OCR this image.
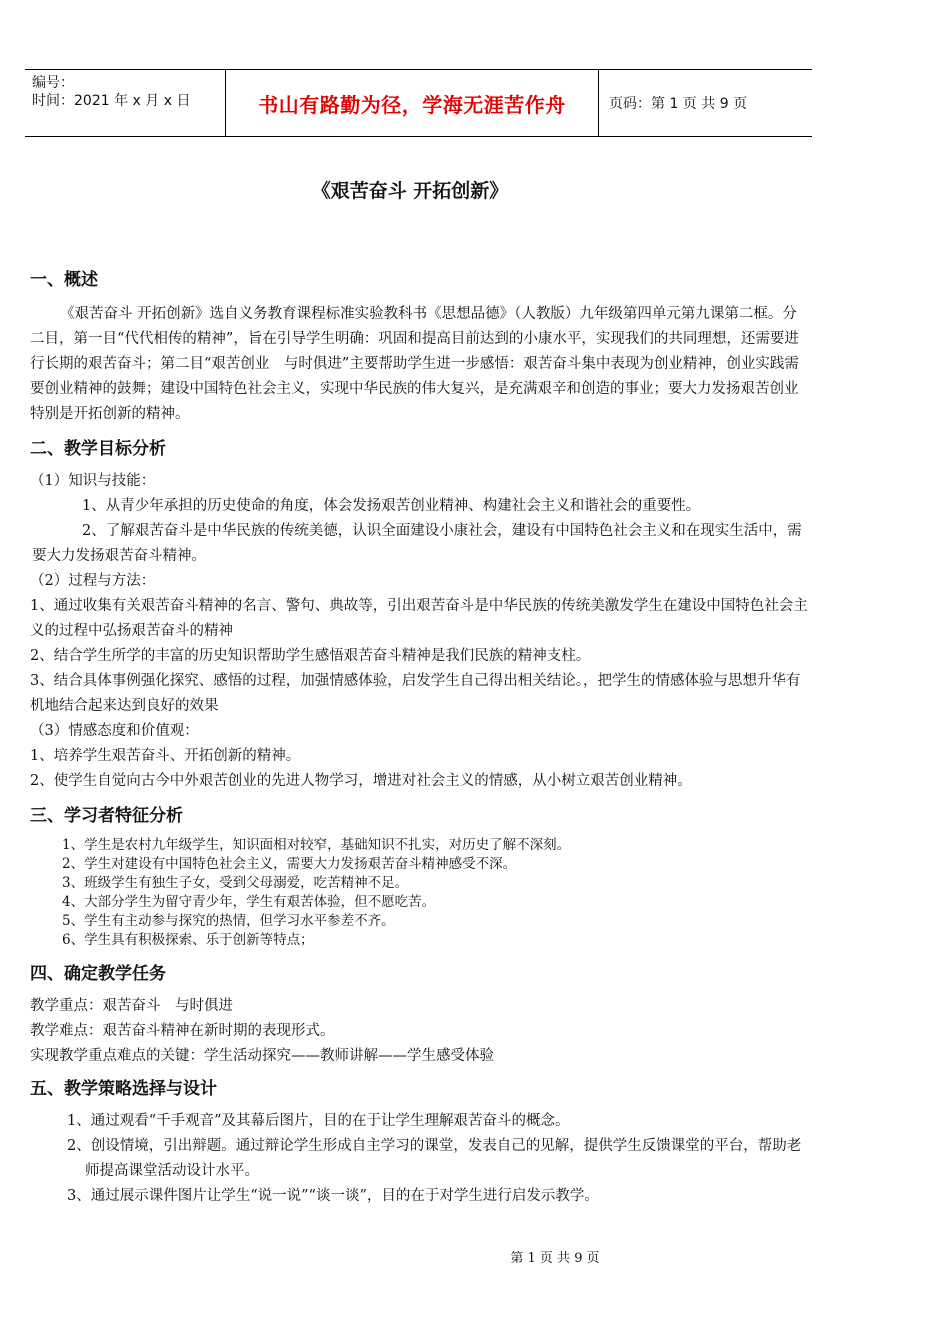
编号：
时间：2021 年 x 月 x 日	书山有路勤为径，学海无涯苦作舟	页码：第 1 页 共 9 页
《艰苦奋斗 开拓创新》
一、概述

《艰苦奋斗 开拓创新》选自义务教育课程标准实验教科书《思想品德》（人教版）九年级第四单元第九课第二框。分二目，第一目“代代相传的精神”，旨在引导学生明确：巩固和提高目前达到的小康水平，实现我们的共同理想，还需要进行长期的艰苦奋斗；第二目“艰苦创业　与时俱进”主要帮助学生进一步感悟：艰苦奋斗集中表现为创业精神，创业实践需要创业精神的鼓舞；建设中国特色社会主义，实现中华民族的伟大复兴，是充满艰辛和创造的事业；要大力发扬艰苦创业特别是开拓创新的精神。

二、教学目标分析

（1）知识与技能：

1、从青少年承担的历史使命的角度，体会发扬艰苦创业精神、构建社会主义和谐社会的重要性。

2、了解艰苦奋斗是中华民族的传统美德，认识全面建设小康社会，建设有中国特色社会主义和在现实生活中，需要大力发扬艰苦奋斗精神。

（2）过程与方法：

1、通过收集有关艰苦奋斗精神的名言、警句、典故等，引出艰苦奋斗是中华民族的传统美激发学生在建设中国特色社会主义的过程中弘扬艰苦奋斗的精神

2、结合学生所学的丰富的历史知识帮助学生感悟艰苦奋斗精神是我们民族的精神支柱。

3、结合具体事例强化探究、感悟的过程，加强情感体验，启发学生自己得出相关结论。，把学生的情感体验与思想升华有机地结合起来达到良好的效果

（3）情感态度和价值观：

1、培养学生艰苦奋斗、开拓创新的精神。

2、使学生自觉向古今中外艰苦创业的先进人物学习，增进对社会主义的情感，从小树立艰苦创业精神。

三、学习者特征分析

1、学生是农村九年级学生，知识面相对较窄，基础知识不扎实，对历史了解不深刻。

2、学生对建设有中国特色社会主义，需要大力发扬艰苦奋斗精神感受不深。

3、班级学生有独生子女，受到父母溺爱，吃苦精神不足。

4、大部分学生为留守青少年，学生有艰苦体验，但不愿吃苦。

5、学生有主动参与探究的热情，但学习水平参差不齐。

6、学生具有积极探索、乐于创新等特点；

四、确定教学任务

教学重点：艰苦奋斗　与时俱进

教学难点：艰苦奋斗精神在新时期的表现形式。

实现教学重点难点的关键：学生活动探究——教师讲解——学生感受体验

五、教学策略选择与设计

1、通过观看“千手观音”及其幕后图片，目的在于让学生理解艰苦奋斗的概念。

2、创设情境，引出辩题。通过辩论学生形成自主学习的课堂，发表自己的见解，提供学生反馈课堂的平台，帮助老师提高课堂活动设计水平。

3、通过展示课件图片让学生“说一说”“谈一谈”，目的在于对学生进行启发示教学。

第 1 页 共 9 页
